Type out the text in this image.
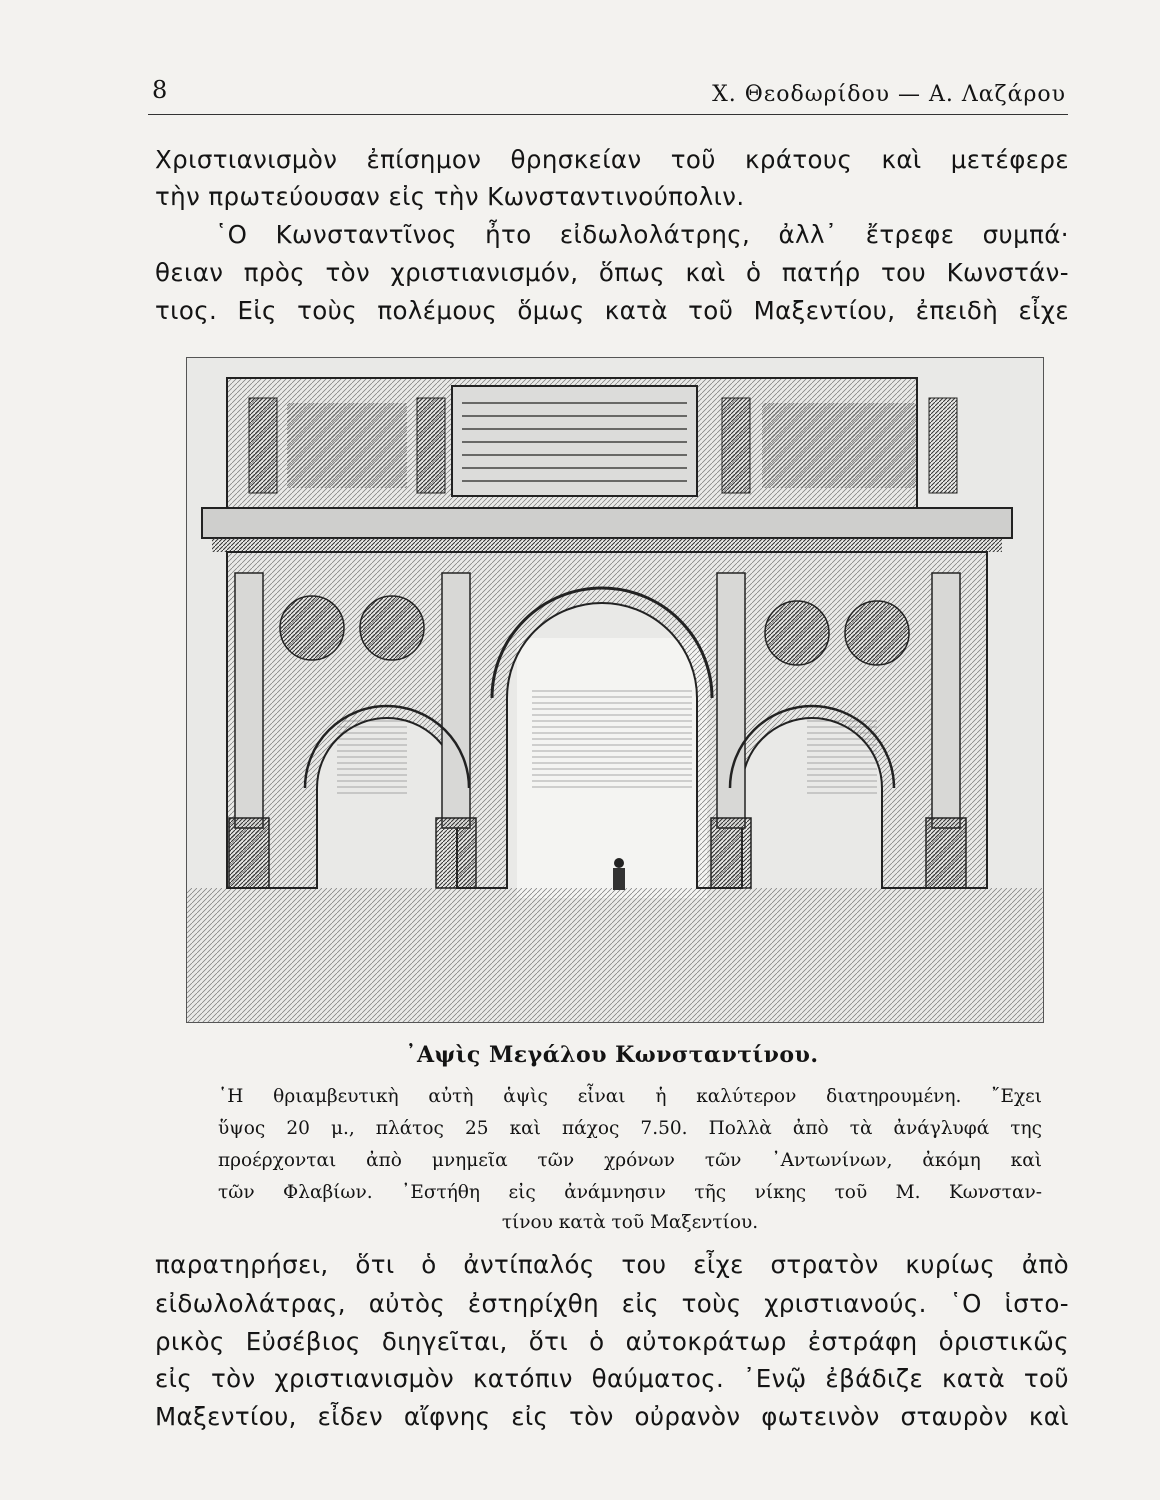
8	Χ. Θεοδωρίδου — Α. Λαζάρου
Χριστιανισμὸν ἐπίσημον θρησκείαν τοῦ κράτους καὶ μετέφερε
τὴν πρωτεύουσαν εἰς τὴν Κωνσταντινούπολιν.
῾Ο Κωνσταντῖνος ἦτο εἰδωλολάτρης, ἀλλ᾽ ἔτρεφε συμπά·
θειαν πρὸς τὸν χριστιανισμόν, ὅπως καὶ ὁ πατήρ του Κωνστάν-
τιος. Εἰς τοὺς πολέμους ὅμως κατὰ τοῦ Μαξεντίου, ἐπειδὴ εἶχε
᾽Αψὶς Μεγάλου Κωνσταντίνου.
῾Η θριαμβευτικὴ αὐτὴ ἁψὶς εἶναι ἡ καλύτερον διατηρουμένη. ῎Εχει
ὕψος 20 μ., πλάτος 25 καὶ πάχος 7.50. Πολλὰ ἀπὸ τὰ ἀνάγλυφά της
προέρχονται ἀπὸ μνημεῖα τῶν χρόνων τῶν ᾽Αντωνίνων, ἀκόμη καὶ
τῶν Φλαβίων. ᾽Εστήθη εἰς ἀνάμνησιν τῆς νίκης τοῦ Μ. Κωνσταν-
τίνου κατὰ τοῦ Μαξεντίου.
παρατηρήσει, ὅτι ὁ ἀντίπαλός του εἶχε στρατὸν κυρίως ἀπὸ
εἰδωλολάτρας, αὐτὸς ἐστηρίχθη εἰς τοὺς χριστιανούς. ῾Ο ἱστο-
ρικὸς Εὐσέβιος διηγεῖται, ὅτι ὁ αὐτοκράτωρ ἐστράφη ὁριστικῶς
εἰς τὸν χριστιανισμὸν κατόπιν θαύματος. ᾽Ενῷ ἐβάδιζε κατὰ τοῦ
Μαξεντίου, εἶδεν αἴφνης εἰς τὸν οὐρανὸν φωτεινὸν σταυρὸν καὶ
